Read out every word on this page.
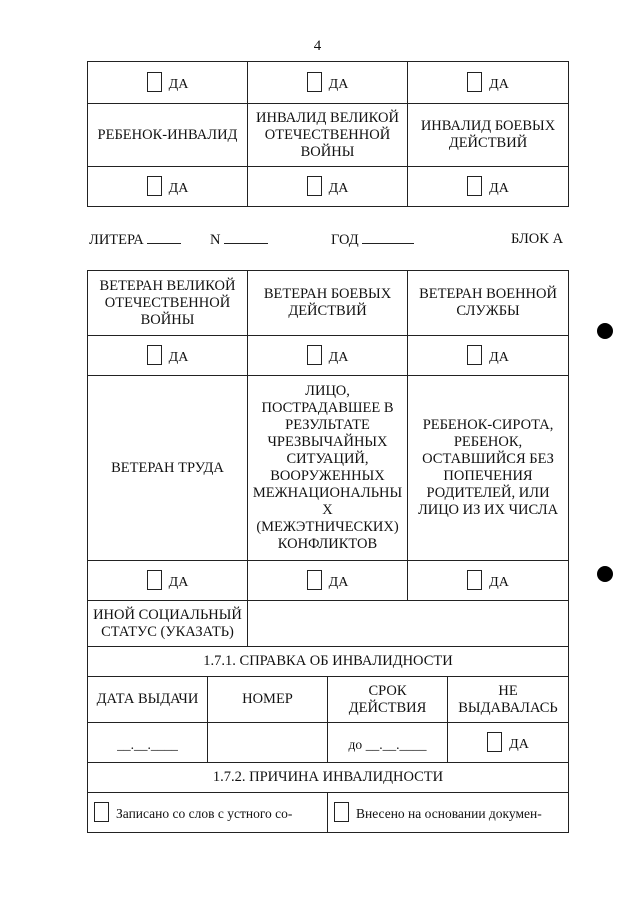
4
ДА	ДА	ДА
РЕБЕНОК-ИНВАЛИД	ИНВАЛИД ВЕЛИКОЙ ОТЕЧЕСТВЕННОЙ ВОЙНЫ	ИНВАЛИД БОЕВЫХ ДЕЙСТВИЙ
ДА	ДА	ДА
ЛИТЕРА	N	ГОД	БЛОК А
ВЕТЕРАН ВЕЛИКОЙ ОТЕЧЕСТВЕННОЙ ВОЙНЫ		ВЕТЕРАН БОЕВЫХ ДЕЙСТВИЙ		ВЕТЕРАН ВОЕННОЙ СЛУЖБЫ	
ДА		ДА		ДА	
ВЕТЕРАН ТРУДА		ЛИЦО, ПОСТРАДАВШЕЕ В РЕЗУЛЬТАТЕ ЧРЕЗВЫЧАЙНЫХ СИТУАЦИЙ, ВООРУЖЕННЫХ МЕЖНАЦИОНАЛЬНЫ Х (МЕЖЭТНИЧЕСКИХ) КОНФЛИКТОВ		РЕБЕНОК-СИРОТА, РЕБЕНОК, ОСТАВШИЙСЯ БЕЗ ПОПЕЧЕНИЯ РОДИТЕЛЕЙ, ИЛИ ЛИЦО ИЗ ИХ ЧИСЛА	
ДА		ДА		ДА	
ИНОЙ СОЦИАЛЬНЫЙ СТАТУС (УКАЗАТЬ)					
1.7.1. СПРАВКА ОБ ИНВАЛИДНОСТИ					
ДАТА ВЫДАЧИ	НОМЕР		СРОК ДЕЙСТВИЯ		НЕ ВЫДАВАЛАСЬ
__.__.____			до __.__.____		ДА
1.7.2. ПРИЧИНА ИНВАЛИДНОСТИ					
Записано со слов с устного со-			Внесено на основании докумен-		
